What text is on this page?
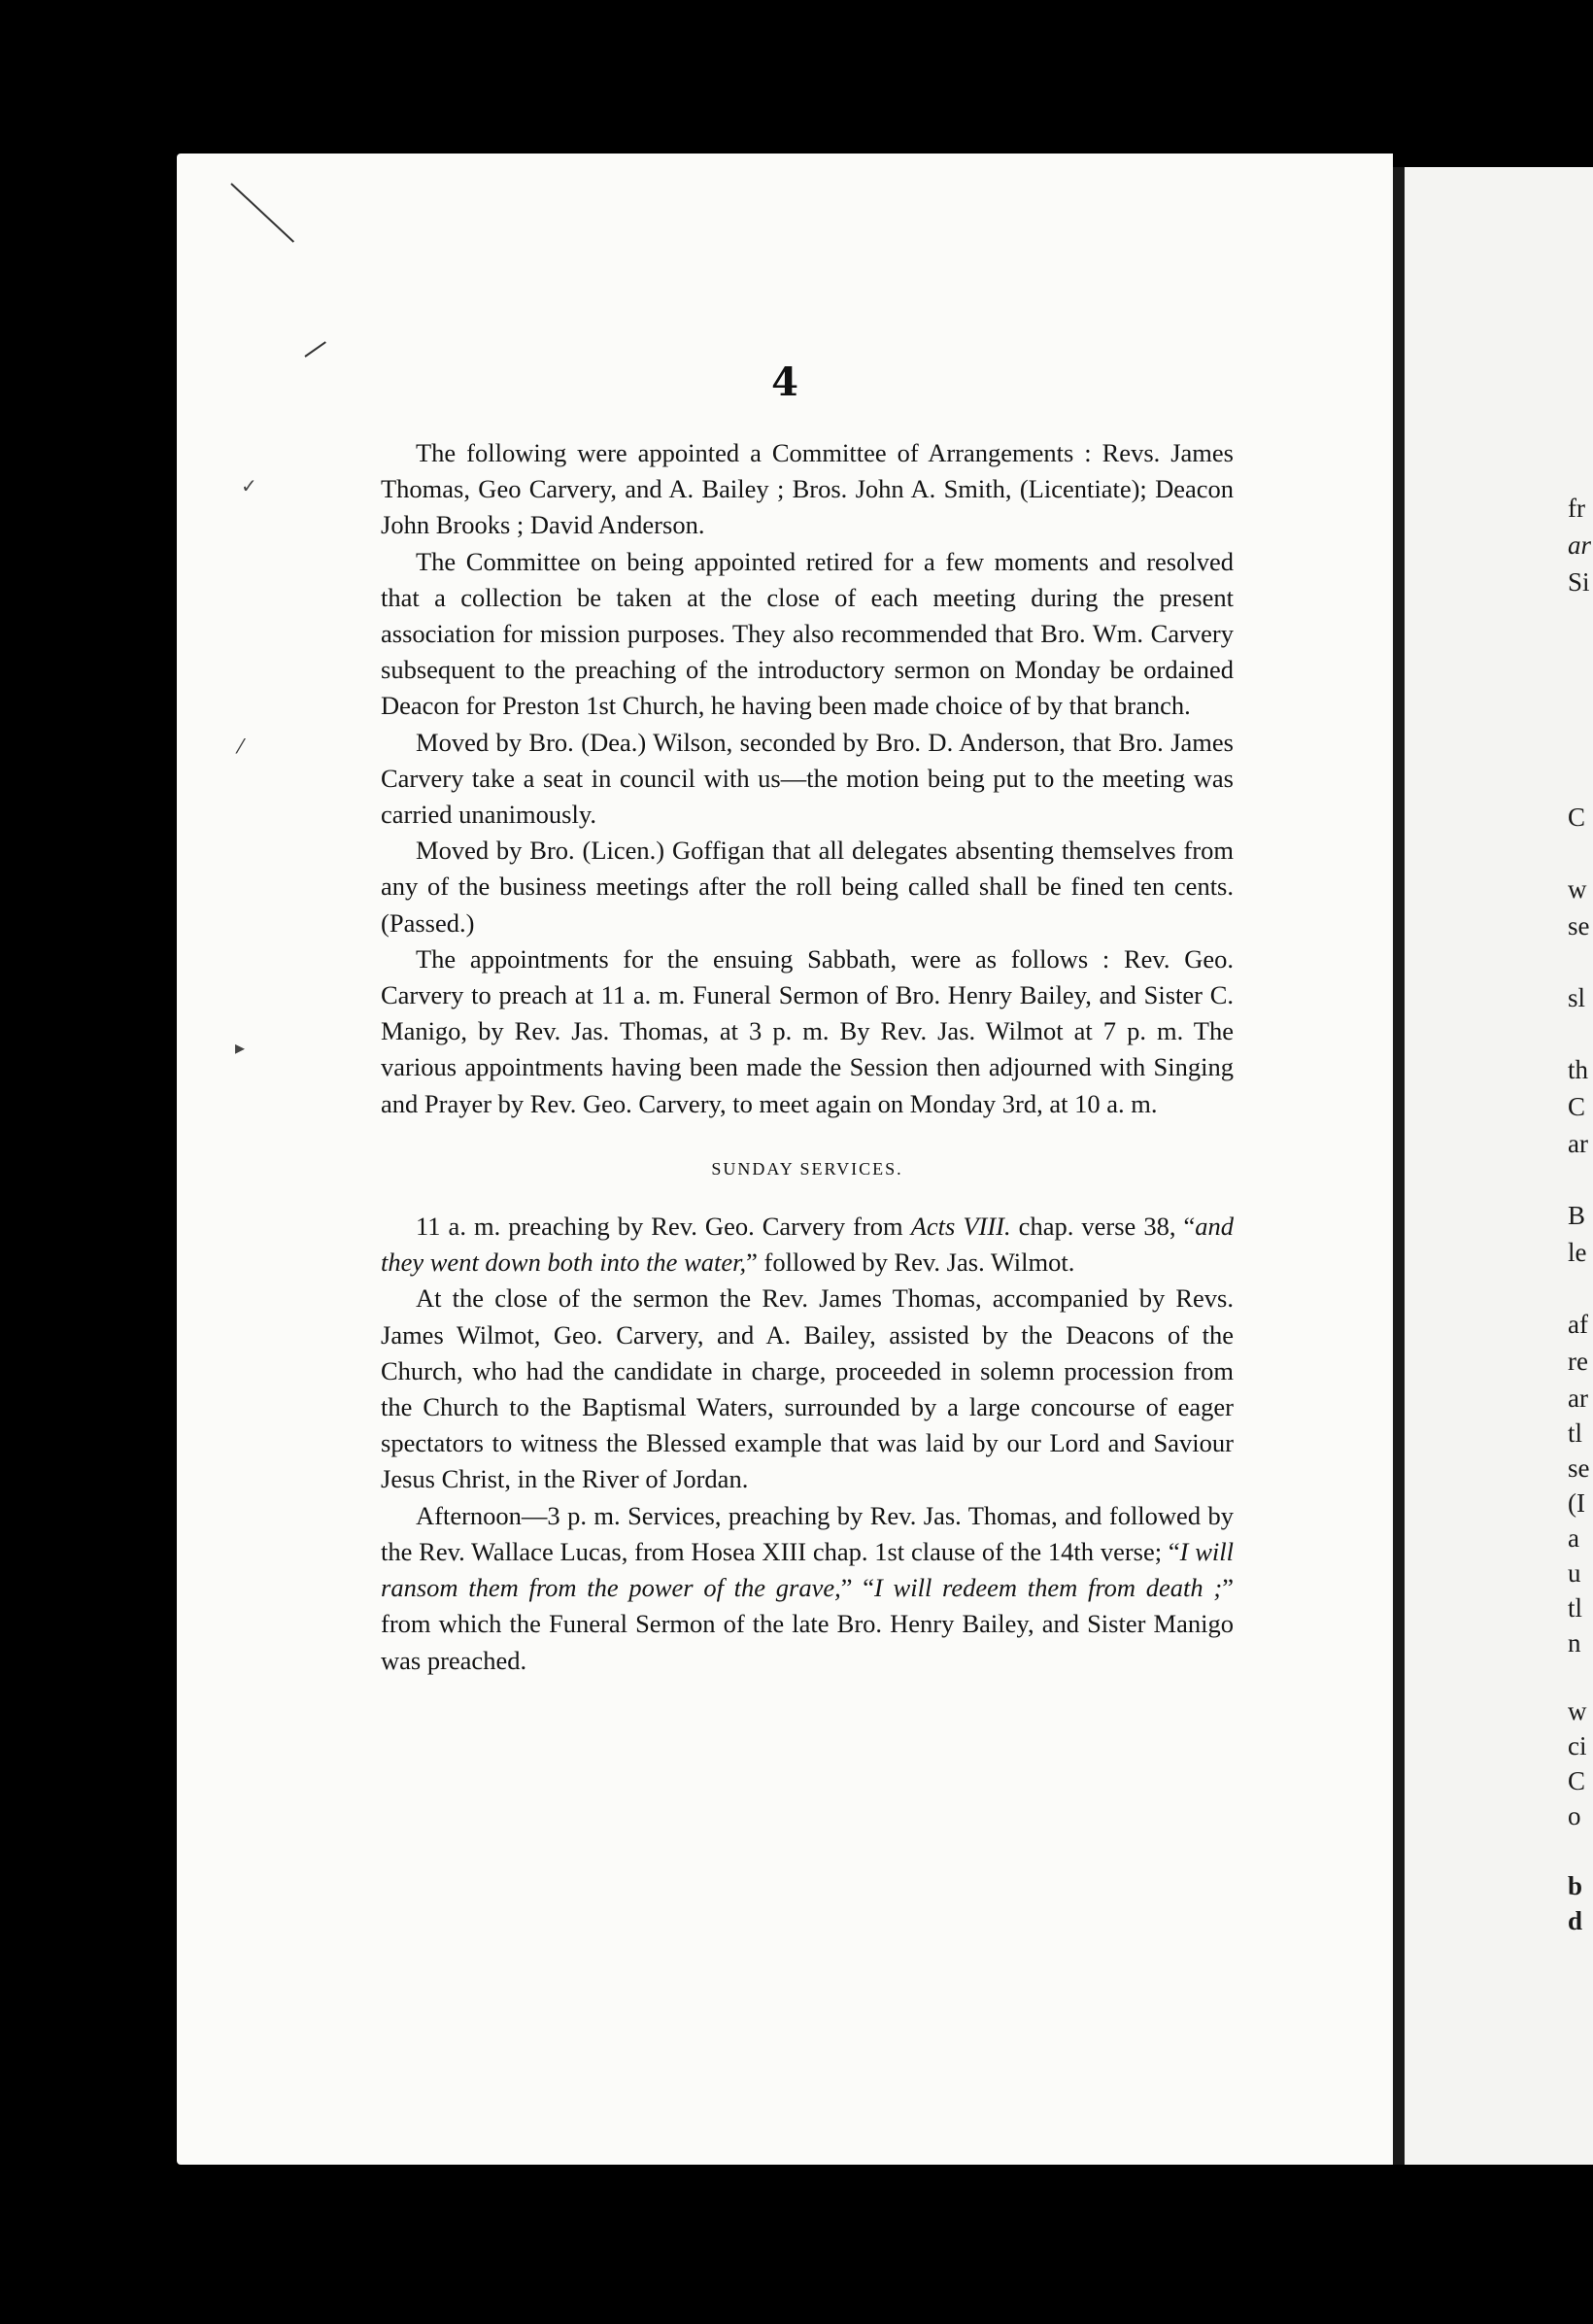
✓
⁄
▸
4

The following were appointed a Committee of Arrangements : Revs. James Thomas, Geo Carvery, and A. Bailey ; Bros. John A. Smith, (Licentiate); Deacon John Brooks ; David Anderson.

The Committee on being appointed retired for a few moments and resolved that a collection be taken at the close of each meeting during the present association for mission purposes. They also recommended that Bro. Wm. Carvery subsequent to the preaching of the introductory sermon on Monday be ordained Deacon for Preston 1st Church, he having been made choice of by that branch.

Moved by Bro. (Dea.) Wilson, seconded by Bro. D. Anderson, that Bro. James Carvery take a seat in council with us—the motion being put to the meeting was carried unanimously.

Moved by Bro. (Licen.) Goffigan that all delegates absenting themselves from any of the business meetings after the roll being called shall be fined ten cents. (Passed.)

The appointments for the ensuing Sabbath, were as follows : Rev. Geo. Carvery to preach at 11 a. m. Funeral Sermon of Bro. Henry Bailey, and Sister C. Manigo, by Rev. Jas. Thomas, at 3 p. m. By Rev. Jas. Wilmot at 7 p. m. The various appointments having been made the Session then adjourned with Singing and Prayer by Rev. Geo. Carvery, to meet again on Monday 3rd, at 10 a. m.

SUNDAY SERVICES.

11 a. m. preaching by Rev. Geo. Carvery from Acts VIII. chap. verse 38, “and they went down both into the water,” followed by Rev. Jas. Wilmot.

At the close of the sermon the Rev. James Thomas, accompanied by Revs. James Wilmot, Geo. Carvery, and A. Bailey, assisted by the Deacons of the Church, who had the candidate in charge, proceeded in solemn procession from the Church to the Baptismal Waters, surrounded by a large concourse of eager spectators to witness the Blessed example that was laid by our Lord and Saviour Jesus Christ, in the River of Jordan.

Afternoon—3 p. m. Services, preaching by Rev. Jas. Thomas, and followed by the Rev. Wallace Lucas, from Hosea XIII chap. 1st clause of the 14th verse; “I will ransom them from the power of the grave,” “I will redeem them from death ;” from which the Funeral Sermon of the late Bro. Henry Bailey, and Sister Manigo was preached.

fr
ar
Si
C
w
se
sl
th
C
ar
B
le
af
re
ar
tl
se
(I
a
u
tl
n
w
ci
C
o
b
d
